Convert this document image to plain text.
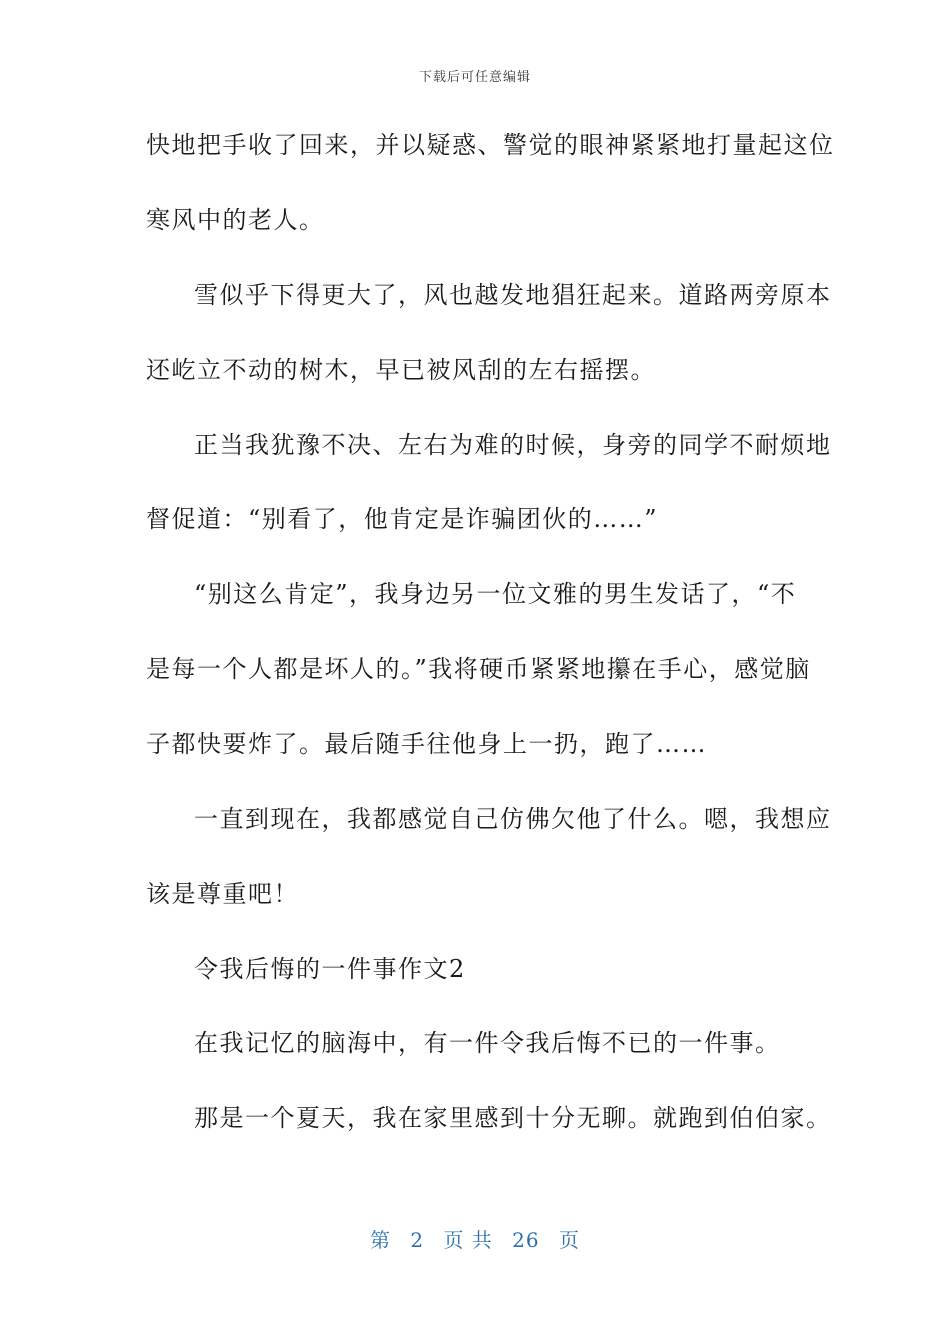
下载后可任意编辑
快地把手收了回来，并以疑惑、警觉的眼神紧紧地打量起这位
寒风中的老人。
雪似乎下得更大了，风也越发地猖狂起来。道路两旁原本
还屹立不动的树木，早已被风刮的左右摇摆。
正当我犹豫不决、左右为难的时候，身旁的同学不耐烦地
督促道：“别看了，他肯定是诈骗团伙的……”
“别这么肯定”，我身边另一位文雅的男生发话了，“不
是每一个人都是坏人的。”我将硬币紧紧地攥在手心，感觉脑
子都快要炸了。最后随手往他身上一扔，跑了……
一直到现在，我都感觉自己仿佛欠他了什么。嗯，我想应
该是尊重吧！
令我后悔的一件事作文2
在我记忆的脑海中，有一件令我后悔不已的一件事。
那是一个夏天，我在家里感到十分无聊。就跑到伯伯家。
第 2 页 共 26 页
